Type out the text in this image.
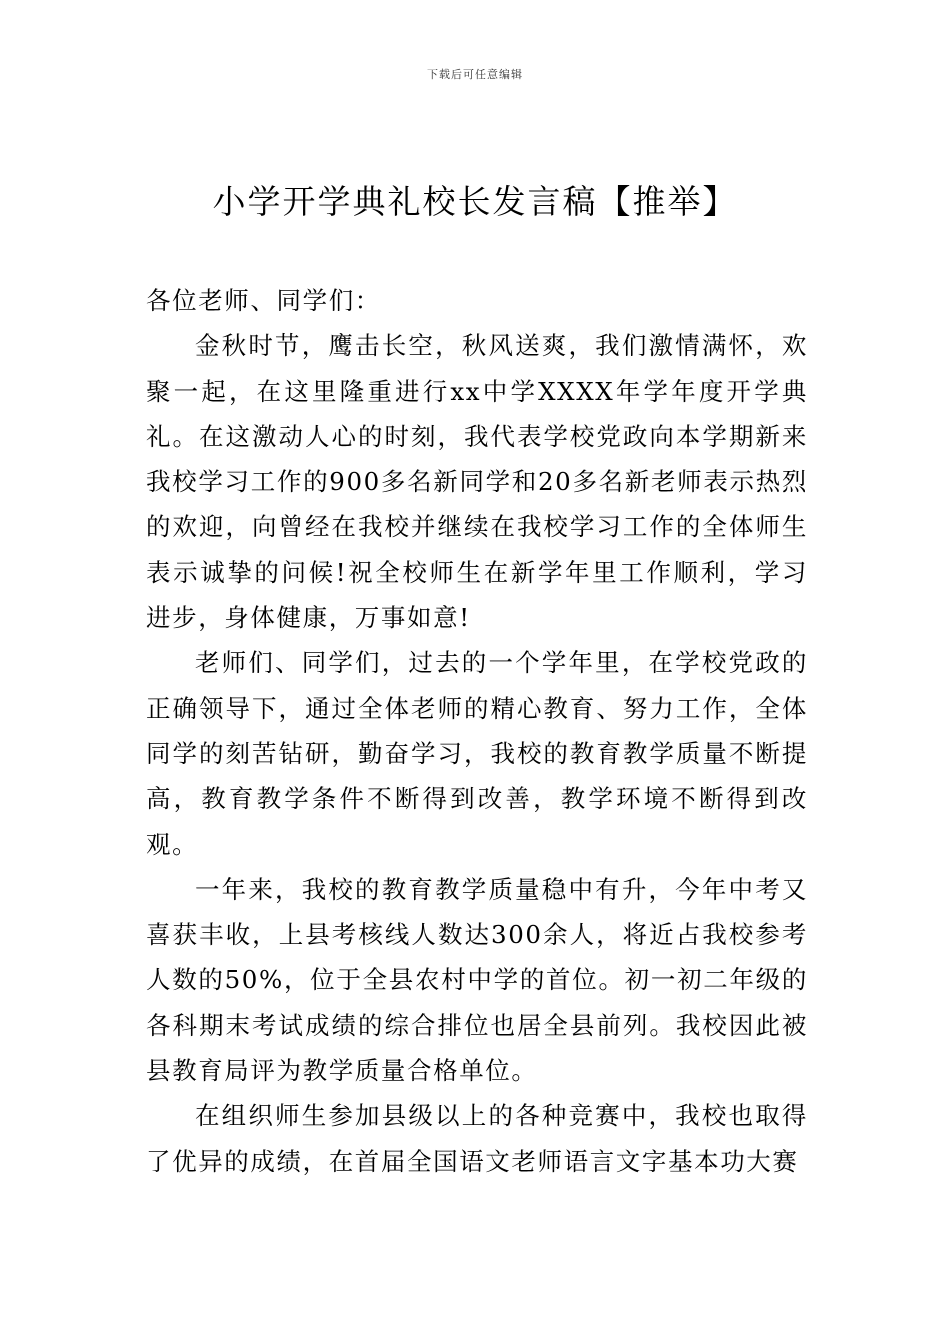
下载后可任意编辑
小学开学典礼校长发言稿【推举】

各位老师、同学们：

金秋时节，鹰击长空，秋风送爽，我们激情满怀，欢聚一起，在这里隆重进行xx中学XXXX年学年度开学典礼。在这激动人心的时刻，我代表学校党政向本学期新来我校学习工作的900多名新同学和20多名新老师表示热烈的欢迎，向曾经在我校并继续在我校学习工作的全体师生表示诚挚的问候!祝全校师生在新学年里工作顺利，学习进步，身体健康，万事如意!

老师们、同学们，过去的一个学年里，在学校党政的正确领导下，通过全体老师的精心教育、努力工作，全体同学的刻苦钻研，勤奋学习，我校的教育教学质量不断提高，教育教学条件不断得到改善，教学环境不断得到改观。

一年来，我校的教育教学质量稳中有升，今年中考又喜获丰收，上县考核线人数达300余人，将近占我校参考人数的50%，位于全县农村中学的首位。初一初二年级的各科期末考试成绩的综合排位也居全县前列。我校因此被县教育局评为教学质量合格单位。

在组织师生参加县级以上的各种竞赛中，我校也取得了优异的成绩，在首届全国语文老师语言文字基本功大赛
